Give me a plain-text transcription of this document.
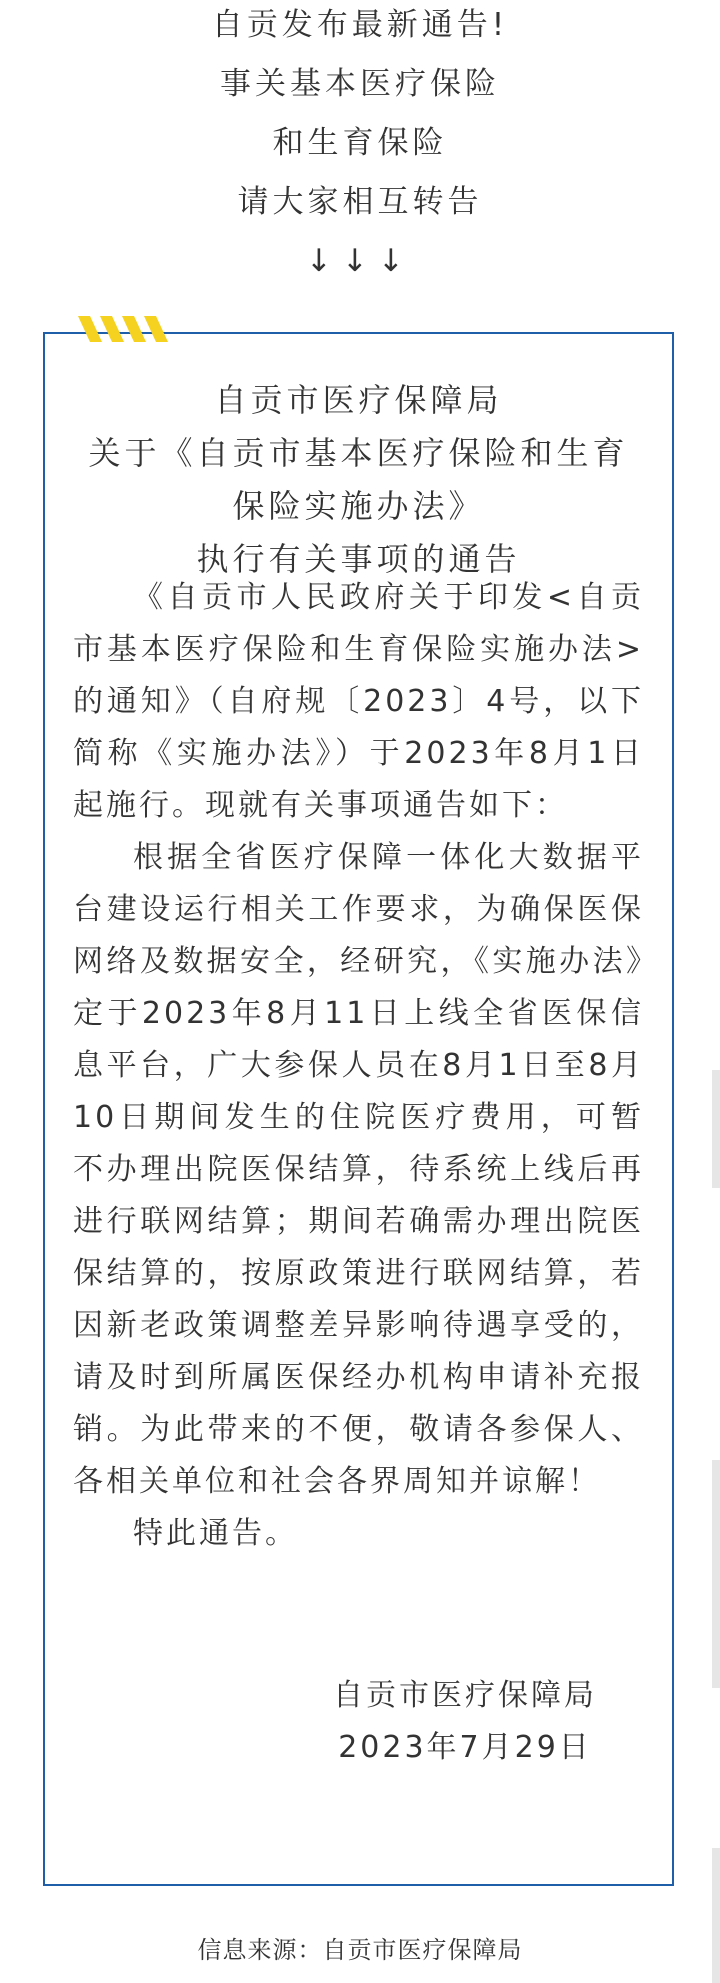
自贡发布最新通告!
事关基本医疗保险
和生育保险
请大家相互转告
↓↓↓
自贡市医疗保障局
关于《自贡市基本医疗保险和生育
保险实施办法》
执行有关事项的通告

《自贡市人民政府关于印发<自贡市基本医疗保险和生育保险实施办法>的通知》（自府规〔2023〕4号，以下简称《实施办法》）于2023年8月1日起施行。现就有关事项通告如下：

根据全省医疗保障一体化大数据平台建设运行相关工作要求，为确保医保网络及数据安全，经研究，《实施办法》定于2023年8月11日上线全省医保信息平台，广大参保人员在8月1日至8月10日期间发生的住院医疗费用，可暂不办理出院医保结算，待系统上线后再进行联网结算；期间若确需办理出院医保结算的，按原政策进行联网结算，若因新老政策调整差异影响待遇享受的，请及时到所属医保经办机构申请补充报销。为此带来的不便，敬请各参保人、各相关单位和社会各界周知并谅解！

特此通告。

自贡市医疗保障局
2023年7月29日
信息来源：自贡市医疗保障局
